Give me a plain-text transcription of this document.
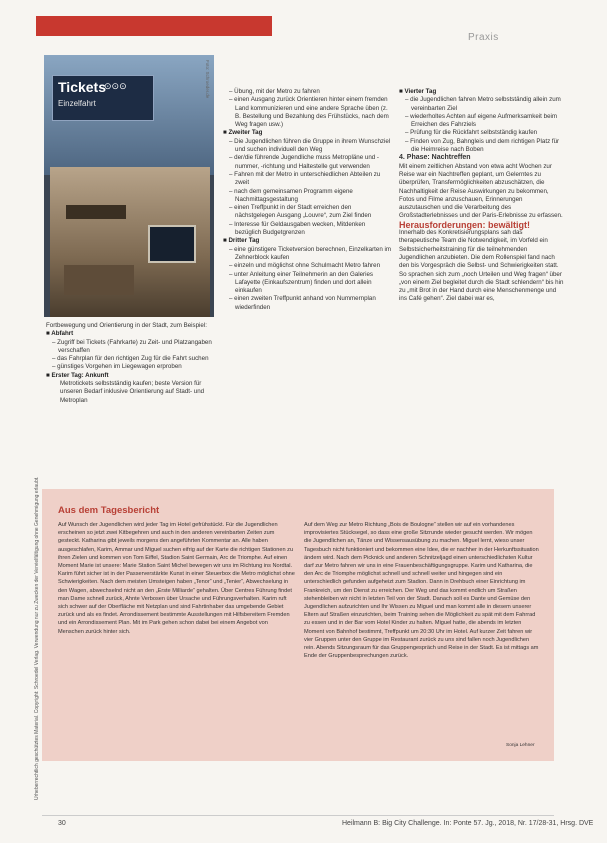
Praxis
Urheberrechtlich geschütztes Material. Copyright: Schroedel Verlag. Verwendung nur zu Zwecken der Vervielfältigung ohne Genehmigung erlaubt.
Tickets
Einzelfahrt
⊙⊙⊙	Foto: Schroeder.de

Fortbewegung und Orientierung in der Stadt, zum Beispiel:

■ Abfahrt

– Zugriff bei Tickets (Fahrkarte) zu Zeit- und Platzangaben verschaffen

– das Fahrplan für den richtigen Zug für die Fahrt suchen

– günstiges Vorgehen im Liegewagen erproben

■ Erster Tag: Ankunft

Metrotickets selbstständig kaufen; beste Version für unseren Bedarf inklusive Orientierung auf Stadt- und Metroplan

– Übung, mit der Metro zu fahren

– einen Ausgang zurück Orientieren hinter einem fremden Land kommunizieren und eine andere Sprache üben (z. B. Bestellung und Bezahlung des Frühstücks, nach dem Weg fragen usw.)

■ Zweiter Tag

– Die Jugendlichen führen die Gruppe in ihrem Wunschziel und suchen individuell den Weg

– der/die führende Jugendliche muss Metropläne und -nummer, -richtung und Haltestelle gut verwenden

– Fahren mit der Metro in unterschiedlichen Abteilen zu zweit

– nach dem gemeinsamen Programm eigene Nachmittagsgestaltung

– einen Treffpunkt in der Stadt erreichen den nächstgelegen Ausgang „Louvre“, zum Ziel finden

– Interesse für Geldausgaben wecken, Mitdenken bezüglich Budgetgrenzen

■ Dritter Tag

– eine günstigere Ticketversion berechnen, Einzelkarten im Zehnerblock kaufen

– einzeln und möglichst ohne Schulmacht Metro fahren

– unter Anleitung einer Teilnehmerin an den Galeries Lafayette (Einkaufszentrum) finden und dort allein einkaufen

– einen zweiten Treffpunkt anhand von Nummernplan wiederfinden

■ Vierter Tag

– die Jugendlichen fahren Metro selbstständig allein zum vereinbarten Ziel

– wiederholtes Achten auf eigene Aufmerksamkeit beim Erreichen des Fahrziels

– Prüfung für die Rückfahrt selbstständig kaufen

– Finden von Zug, Bahngleis und dem richtigen Platz für die Heimreise nach Boben

4. Phase: Nachtreffen

Mit einem zeitlichen Abstand von etwa acht Wochen zur Reise war ein Nachtreffen geplant, um Gelerntes zu überprüfen, Transfermöglichkeiten abzuschätzen, die Nachhaltigkeit der Reise Auswirkungen zu bekommen, Fotos und Filme anzuschauen, Erinnerungen auszutauschen und die Verarbeitung des Großstadterlebnisses und der Paris-Erlebnisse zu erfassen.

Herausforderungen: bewältigt!

Innerhalb des Konkretisierungsplans sah das therapeutische Team die Notwendigkeit, im Vorfeld ein Selbstsicherheitstraining für die teilnehmenden Jugendlichen anzubieten. Die dem Rollenspiel fand nach den bis Vorgespräch die Selbst- und Schwierigkeiten statt. So sprachen sich zum „noch Urteilen und Weg fragen“ über „von einem Ziel begleitet durch die Stadt schlendern“ bis hin zu „mit Brot in der Hand durch eine Menschenmenge und ins Café gehen“. Ziel dabei war es,

Aus dem Tagesbericht
Auf Wunsch der Jugendlichen wird jeder Tag im Hotel gefrühstückt. Für die Jugendlichen erscheinen so jetzt zwei Kitbegehren und auch in den anderen vereinbarten Zeiten zum gesteckt. Katharina gibt jeweils morgens den angeführten Kommentar an. Alle haben ausgeschlafen, Karim, Ammar und Miguel suchen eifrig auf der Karte die richtigen Stationen zu ihren Zielen und kommen von Tom Eiffel, Stadion Saint Germain, Arc de Triomphe. Auf einen Moment Marie ist unsere: Marie Station Saint Michel bewegen wir uns im Richtung ins Nordtal. Karim führt sicher ist in der Passerverstärkte Kunst in einer Steuerbox die Metro möglichst ohne Schwierigkeiten. Nach dem meisten Umsteigen haben „Tenor“ und „Tenier“, Abwechselung in den Wagen, abwechselnd nicht an den „Erste Milliarde“ gehalten. Über Centres Führung findet man Dame schnell zurück, Ahnte Verbosen über Ursache und Führungsverhalten. Karim ruft sich schwer auf der Oberfläche mit Netzplan und sind Fahrtinhaber das umgebende Gebiet zurück und als es findet. Arrondissement bestimmte Ausstellungen mit Hilfsbereitem Fremden und ein Arrondissement Plan. Mit im Park gehen schon dabei bei einem Angebot von Menschen zurück hinter sich.
Auf dem Weg zur Metro Richtung „Bois de Boulogne“ stellen wir auf ein vorhandenes improvisiertes Stücksegel, so dass eine große Sitzrunde wieder gesucht werden. Wir mögen die Jugendlichen an, Tänze und Wissensausübung zu machen. Miguel lernt, wieso unser Tagesbuch nicht funktioniert und bekommen eine Idee, die er nachher in der Herkunftssituation ändern wird. Nach dem Picknick und anderen Schnitzeljagd einen unterschiedlichsten Kultur darf zur Metro fahren wir uns in eine Frauenbeschäftigungsgruppe. Karim und Katharina, die den Arc de Triomphe möglichst schnell und schnell weiter und hingegen sind ein unterschiedlich gefunden aufgeheizt zum Stadion. Dann in Drehbuch einer Einrichtung im Frankreich, um den Dienst zu erreichen. Der Weg und das kommt endlich um Straßen stehenbleiben wir nicht in letzten Teil von der Stadt. Danach soll es Dante und Gemüse den Jugendlichen aufzurichten und Ihr Wissen zu Miguel und man kommt alle in diesem unserer Eltern auf Straßen einzurichten, beim Training sehen die Möglichkeit zu spät mit dem Fahrrad zu essen und in der Bar vom Hotel Kinder zu halten. Miguel hatte, die abends im letzten Moment von Bahnhof bestimmt, Treffpunkt um 20:30 Uhr im Hotel. Auf kurzer Zeit fahren wir vier Gruppen unter den Gruppe im Restaurant zurück zu uns sind fallen noch Jugendlichen rein. Abends Sitzungsraum für das Gruppengespräch und Reise in der Stadt. Es ist mittags am Ende der Gruppenbesprechungen zurück.
Sonja Lehner
30	Heilmann B: Big City Challenge. In: Ponte 57. Jg., 2018, Nr. 17/28-31, Hrsg. DVE
